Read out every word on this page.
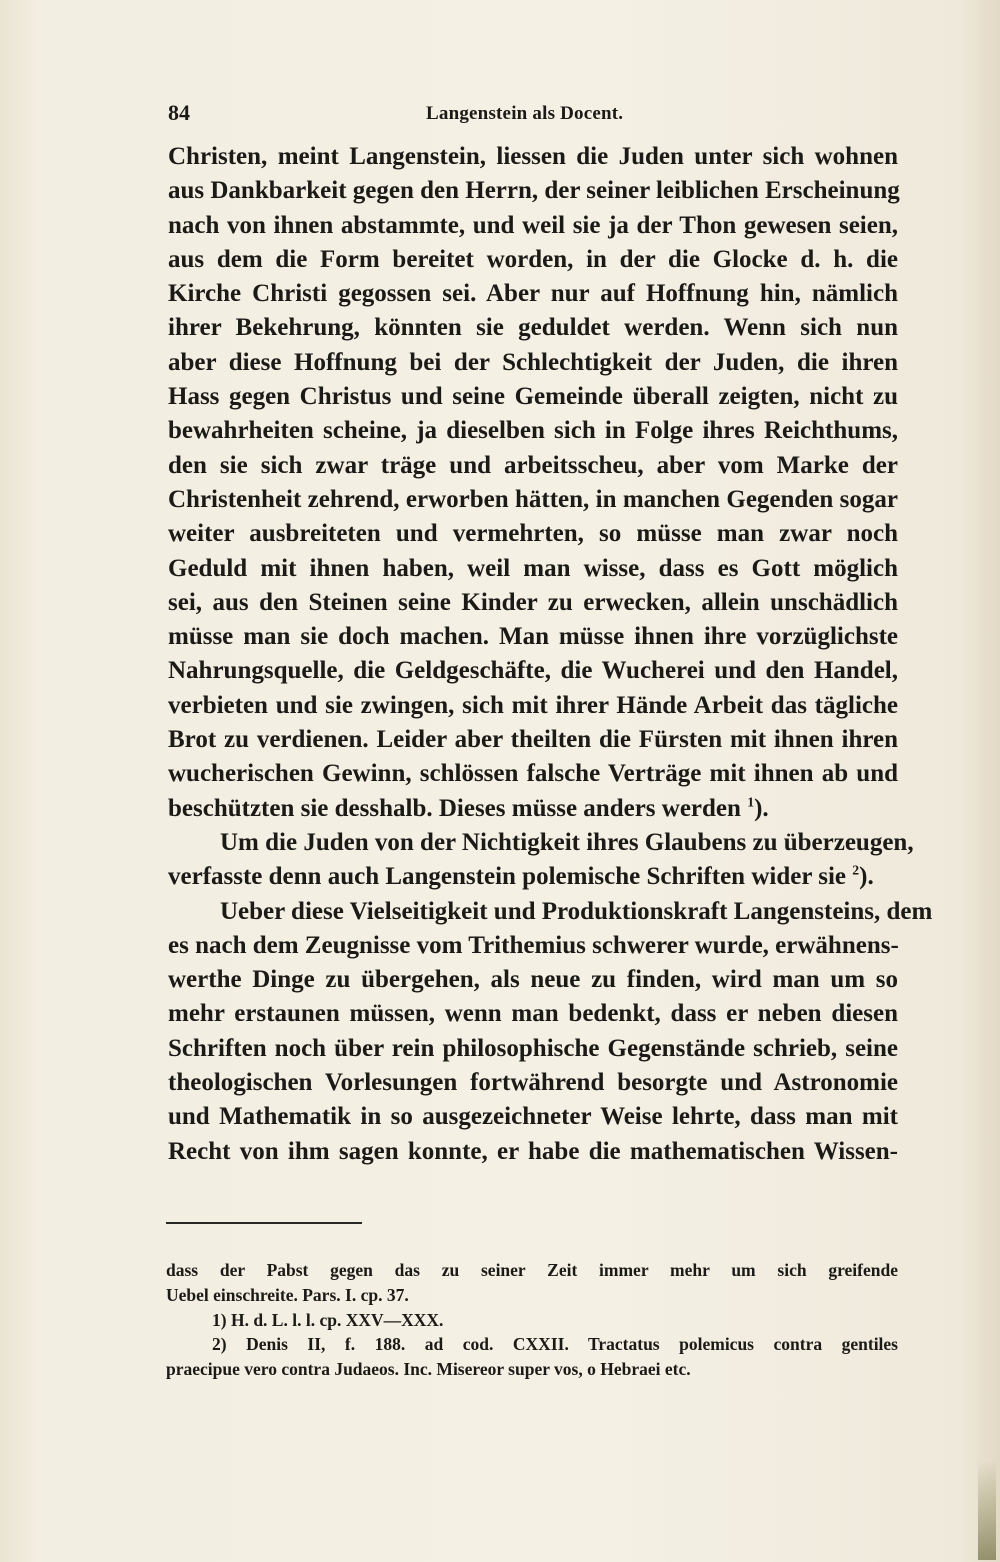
84	Langenstein als Docent.
Christen, meint Langenstein, liessen die Juden unter sich wohnen
aus Dankbarkeit gegen den Herrn, der seiner leiblichen Erscheinung
nach von ihnen abstammte, und weil sie ja der Thon gewesen seien,
aus dem die Form bereitet worden, in der die Glocke d. h. die
Kirche Christi gegossen sei. Aber nur auf Hoffnung hin, nämlich
ihrer Bekehrung, könnten sie geduldet werden. Wenn sich nun
aber diese Hoffnung bei der Schlechtigkeit der Juden, die ihren
Hass gegen Christus und seine Gemeinde überall zeigten, nicht zu
bewahrheiten scheine, ja dieselben sich in Folge ihres Reichthums,
den sie sich zwar träge und arbeitsscheu, aber vom Marke der
Christenheit zehrend, erworben hätten, in manchen Gegenden sogar
weiter ausbreiteten und vermehrten, so müsse man zwar noch
Geduld mit ihnen haben, weil man wisse, dass es Gott möglich
sei, aus den Steinen seine Kinder zu erwecken, allein unschädlich
müsse man sie doch machen. Man müsse ihnen ihre vorzüglichste
Nahrungsquelle, die Geldgeschäfte, die Wucherei und den Handel,
verbieten und sie zwingen, sich mit ihrer Hände Arbeit das tägliche
Brot zu verdienen. Leider aber theilten die Fürsten mit ihnen ihren
wucherischen Gewinn, schlössen falsche Verträge mit ihnen ab und
beschützten sie desshalb. Dieses müsse anders werden $^1$).
Um die Juden von der Nichtigkeit ihres Glaubens zu überzeugen,
verfasste denn auch Langenstein polemische Schriften wider sie $^2$).
Ueber diese Vielseitigkeit und Produktionskraft Langensteins, dem
es nach dem Zeugnisse vom Trithemius schwerer wurde, erwähnens-
werthe Dinge zu übergehen, als neue zu finden, wird man um so
mehr erstaunen müssen, wenn man bedenkt, dass er neben diesen
Schriften noch über rein philosophische Gegenstände schrieb, seine
theologischen Vorlesungen fortwährend besorgte und Astronomie
und Mathematik in so ausgezeichneter Weise lehrte, dass man mit
Recht von ihm sagen konnte, er habe die mathematischen Wissen-
dass der Pabst gegen das zu seiner Zeit immer mehr um sich greifende
Uebel einschreite. Pars. I. cp. 37.
1) H. d. L. l. l. cp. XXV—XXX.
2) Denis II, f. 188. ad cod. CXXII. Tractatus polemicus contra gentiles
praecipue vero contra Judaeos. Inc. Misereor super vos, o Hebraei etc.
